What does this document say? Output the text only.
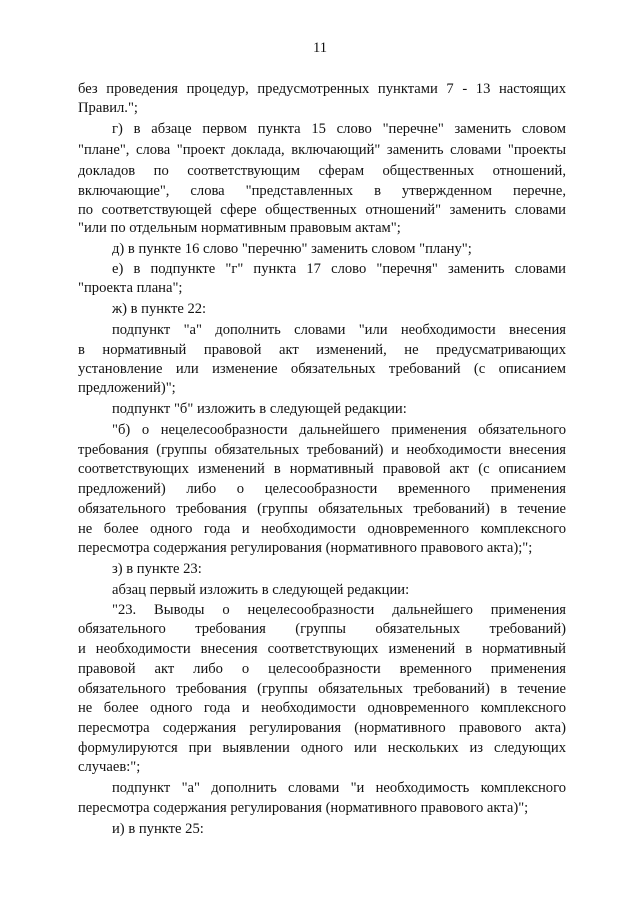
11
без проведения процедур, предусмотренных пунктами 7 - 13 настоящих
Правил.";
г) в абзаце первом пункта 15 слово "перечне" заменить словом
"плане", слова "проект доклада, включающий" заменить словами "проекты
докладов по соответствующим сферам общественных отношений,
включающие", слова "представленных в утвержденном перечне,
по соответствующей сфере общественных отношений" заменить словами
"или по отдельным нормативным правовым актам";
д) в пункте 16 слово "перечню" заменить словом "плану";
е) в подпункте "г" пункта 17 слово "перечня" заменить словами
"проекта плана";
ж) в пункте 22:
подпункт "а" дополнить словами "или необходимости внесения
в нормативный правовой акт изменений, не предусматривающих
установление или изменение обязательных требований (с описанием
предложений)";
подпункт "б" изложить в следующей редакции:
"б) о нецелесообразности дальнейшего применения обязательного
требования (группы обязательных требований) и необходимости внесения
соответствующих изменений в нормативный правовой акт (с описанием
предложений) либо о целесообразности временного применения
обязательного требования (группы обязательных требований) в течение
не более одного года и необходимости одновременного комплексного
пересмотра содержания регулирования (нормативного правового акта);";
з) в пункте 23:
абзац первый изложить в следующей редакции:
"23. Выводы о нецелесообразности дальнейшего применения
обязательного требования (группы обязательных требований)
и необходимости внесения соответствующих изменений в нормативный
правовой акт либо о целесообразности временного применения
обязательного требования (группы обязательных требований) в течение
не более одного года и необходимости одновременного комплексного
пересмотра содержания регулирования (нормативного правового акта)
формулируются при выявлении одного или нескольких из следующих
случаев:";
подпункт "а" дополнить словами "и необходимость комплексного
пересмотра содержания регулирования (нормативного правового акта)";
и) в пункте 25:
